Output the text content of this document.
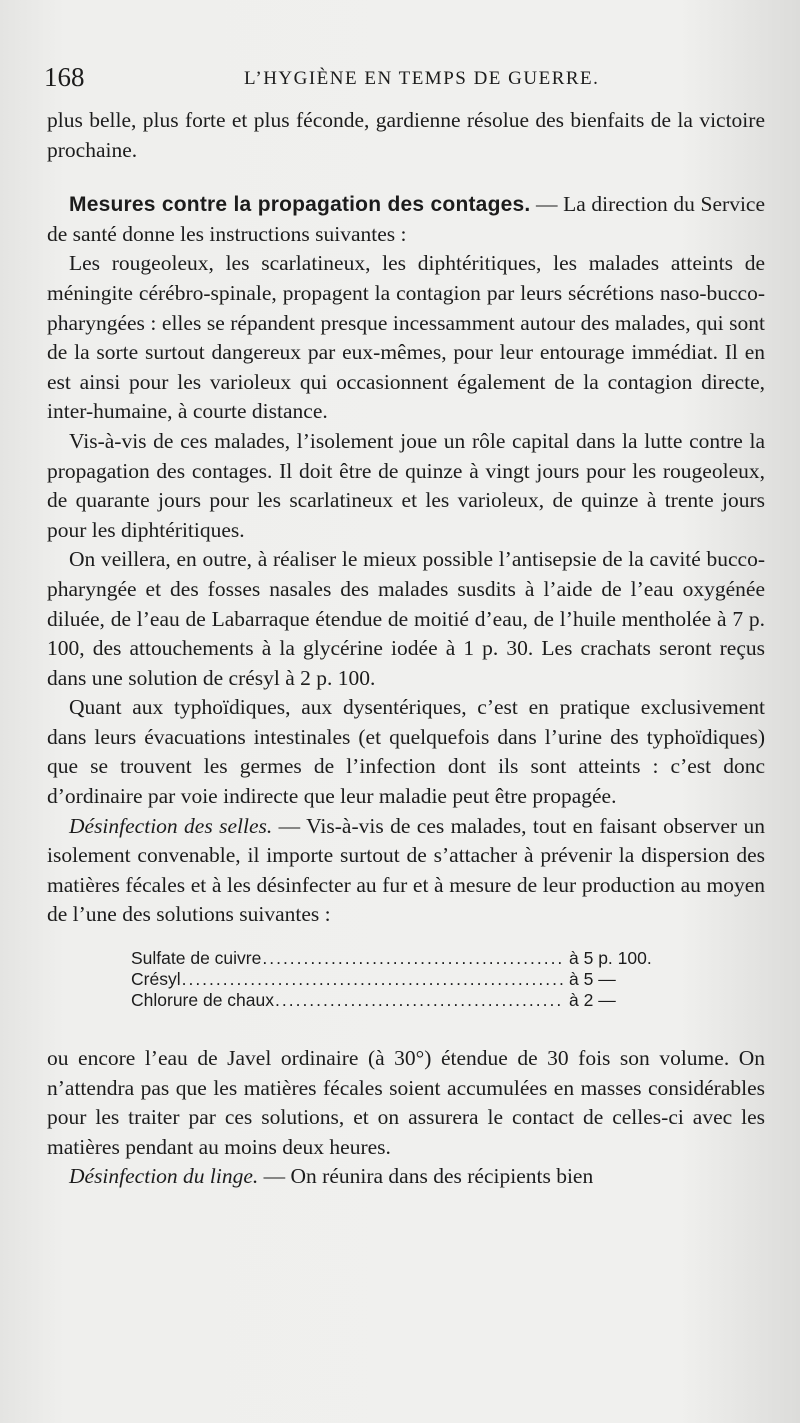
168	L’HYGIÈNE EN TEMPS DE GUERRE.

plus belle, plus forte et plus féconde, gardienne résolue des bienfaits de la victoire prochaine.

Mesures contre la propagation des contages. — La direction du Service de santé donne les instructions suivantes :

Les rougeoleux, les scarlatineux, les diphtéritiques, les malades atteints de méningite cérébro-spinale, propagent la contagion par leurs sécrétions naso-bucco-pharyngées : elles se répandent presque incessamment autour des malades, qui sont de la sorte surtout dangereux par eux-mêmes, pour leur entourage immédiat. Il en est ainsi pour les varioleux qui occasionnent également de la contagion directe, inter-humaine, à courte distance.

Vis-à-vis de ces malades, l’isolement joue un rôle capital dans la lutte contre la propagation des contages. Il doit être de quinze à vingt jours pour les rougeoleux, de quarante jours pour les scarlatineux et les varioleux, de quinze à trente jours pour les diphtéritiques.

On veillera, en outre, à réaliser le mieux possible l’antisepsie de la cavité bucco-pharyngée et des fosses nasales des malades susdits à l’aide de l’eau oxygénée diluée, de l’eau de Labarraque étendue de moitié d’eau, de l’huile mentholée à 7 p. 100, des attouchements à la glycérine iodée à 1 p. 30. Les crachats seront reçus dans une solution de crésyl à 2 p. 100.

Quant aux typhoïdiques, aux dysentériques, c’est en pratique exclusivement dans leurs évacuations intestinales (et quelquefois dans l’urine des typhoïdiques) que se trouvent les germes de l’infection dont ils sont atteints : c’est donc d’ordinaire par voie indirecte que leur maladie peut être propagée.

Désinfection des selles. — Vis-à-vis de ces malades, tout en faisant observer un isolement convenable, il importe surtout de s’attacher à prévenir la dispersion des matières fécales et à les désinfecter au fur et à mesure de leur production au moyen de l’une des solutions suivantes :

Sulfate de cuivre .....	à 5 p. 100.
Crésyl .....	à 5 —
Chlorure de chaux .....	à 2 —

ou encore l’eau de Javel ordinaire (à 30°) étendue de 30 fois son volume. On n’attendra pas que les matières fécales soient accumulées en masses considérables pour les traiter par ces solutions, et on assurera le contact de celles-ci avec les matières pendant au moins deux heures.

Désinfection du linge. — On réunira dans des récipients bien
